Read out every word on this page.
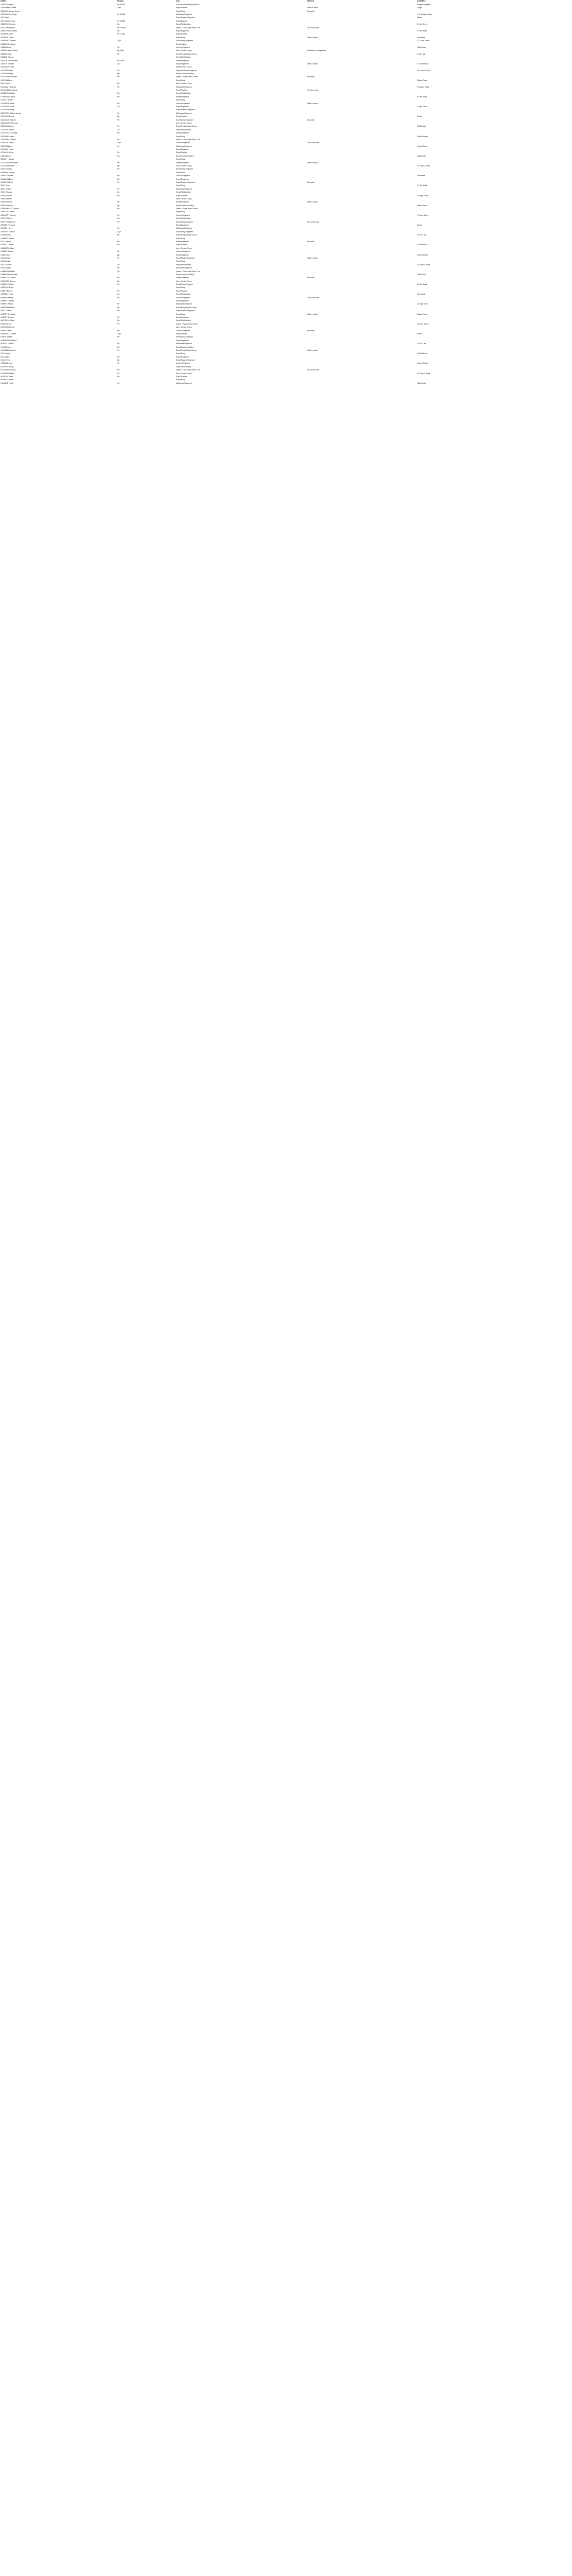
NAME	RankNo	Unit	DETAILS	ADDRESS
GASH George H	Pte 55038	Canadian Expeditionary Force		Kingston Hayfield
GASH Percy James	CSM	Royal Fusiliers	Killed in action	Lodge
GASSON George Henry		Royal Navy	Wounded	
GASSON Wm Edgar	Pte 29066	Middlesex Regiment		1 St Andrews Road
GAY Albert		Royal Sussex Regiment		Weald
GAY William Henry	Pte 13085	Royal Marines		
GEARING Thomas	Gnr	Royal Field Artillery		8 High Street
GEE Ernest Arthur	Pte G/5614	Queen's Own Royal West Kent	Died of wounds	
GEER Henry Charles	Spr	Royal Engineers		4 Park Road
GEORGE Albert	Pte 17254	Royal Fusiliers		
GEORGE Frank		Royal Navy	Killed in action	Cleveland
GERRARD Edward	L/Cpl	East Surrey Regiment		12 Crane Street
GIBBINS Frederick		Royal Artillery		
GIBBS Alfred	Pte	London Regiment		Tallis Road
GIBBS Charles Henry	Sgt 4491	Army Service Corps	Mentioned in despatches	
GIBBS Ernest	Pte	Royal Army Medical Corps		2 Mill Lane
GIBSON George		Royal Field Artillery		
GIBSON John William	Pte 20812	Essex Regiment		
GIBSON Thomas	Cpl	Royal Engineers	Killed in action	17 North Road
GIDDINGS Frank		Machine Gun Corps		
GILBERT Arthur	Pte	Royal West Kent Regiment		25 Church Street
GILBERT Henry	Sgt	Royal Garrison Artillery		
GILES Albert Edward	Pte	Queen's Royal West Surrey	Wounded	
GILES William		Royal Navy		Station Road
GILL Ernest	Dvr	Army Service Corps		
GILLHAM Frederick	Pte	Middlesex Regiment		5 Victoria Road
GILLINGHAM George		Royal Fusiliers	Prisoner of war	
GLADDING Walter	Gnr	Royal Field Artillery		
GLADWELL Arthur	Pte	Essex Regiment		9 Park Road
GLASS Charles		Royal Navy		
GODDARD Albert	Pte	London Regiment	Killed in action	
GODDARD Frank	Cpl	Royal Engineers		3 High Street
GODFREY Henry		Royal Sussex Regiment		
GODFREY William James	Pte	Middlesex Regiment		
GOLDING Ernest	Sgt	Royal Fusiliers		Weald
GOLDSMITH Alfred	Pte	East Surrey Regiment	Wounded	
GOLDSMITH Thomas		Army Service Corps		
GOOD Frederick	Pte	Royal Army Medical Corps		11 Mill Lane
GOODALL Arthur	Dvr	Royal Field Artillery		
GOODCHILD George	Pte	Essex Regiment		
GOODWIN Albert		Royal Navy		Church Street
GOODWIN Charles	Pte	Queen's Own Royal West Kent		
GORDON Henry	L/Cpl	London Regiment	Died of wounds	
GORE William	Pte	Middlesex Regiment		6 North Road
GORHAM Frank		Royal Engineers		
GOSLING Arthur	Pte	Royal Fusiliers		
GOSS Ernest	Gnr	Royal Garrison Artillery		Tallis Road
GOUGH Thomas		Royal Navy		
GOULD Albert Edward	Pte	Essex Regiment	Killed in action	
GOULD Frederick	Sgt	Army Service Corps		14 Victoria Road
GRACE Henry	Pte	East Surrey Regiment		
GRAHAM George		Royal Scots		
GRANT Charles	Pte	London Regiment		Cleveland
GRANT William	Cpl	Royal Engineers		
GRAVES Alfred	Pte	Royal Sussex Regiment	Wounded	
GRAY Arthur		Royal Navy		2 Park Road
GRAY Ernest	Pte	Middlesex Regiment		
GRAY Thomas	Dvr	Royal Field Artillery		
GREEN Albert	Pte	Royal Fusiliers		20 High Street
GREEN Frank		Army Service Corps		
GREEN Henry	Pte	Essex Regiment	Killed in action	
GREEN William	Sgt	Royal Garrison Artillery		Station Road
GREENWOOD Charles	Pte	Queen's Royal West Surrey		
GREGORY Alfred		Royal Navy		
GREGORY George	Pte	London Regiment		7 Crane Street
GRIFFIN Arthur	Gnr	Royal Field Artillery		
GRIFFITHS Ernest	Pte	Royal Welsh Fusiliers	Died of wounds	
GRIMES Frederick		Royal Engineers		Weald
GROOM Henry	Pte	Middlesex Regiment		
GROVES Thomas	L/Cpl	East Surrey Regiment		
GUNN Albert	Pte	Royal Army Medical Corps		16 Mill Lane
GUNNER William		Royal Navy		
GUY Charles	Pte	Essex Regiment	Wounded	
HACKETT Frank	Pte	Royal Fusiliers		4 North Road
HADDOCK Alfred		Army Service Corps		
HAINES George	Pte	London Regiment		
HALE Arthur	Sgt	Royal Engineers		Church Street
HALL Ernest	Pte	Royal Sussex Regiment	Killed in action	
HALL Henry		Royal Navy		
HALL Thomas	Dvr	Royal Field Artillery		10 Victoria Road
HALL William	Pte	Middlesex Regiment		
HAMMOND Albert	Pte	Queen's Own Royal West Kent		
HAMMOND Frederick		Royal Garrison Artillery		Tallis Road
HAMPTON Charles	Pte	Essex Regiment	Wounded	
HANCOCK George	Cpl	Army Service Corps		
HANDLEY Alfred	Pte	East Surrey Regiment		8 Park Road
HARDING Arthur		Royal Navy		
HARDY Ernest	Pte	Royal Fusiliers		
HARMAN Frank	Gnr	Royal Field Artillery		Cleveland
HARPER Henry	Pte	London Regiment	Died of wounds	
HARRIS Thomas		Royal Engineers		
HARRIS William	Pte	Middlesex Regiment		13 High Street
HARRISON Albert	Sgt	Royal Army Medical Corps		
HART Charles	Pte	Royal Sussex Regiment		
HARVEY Frederick		Royal Navy	Killed in action	Station Road
HARVEY George	Pte	Essex Regiment		
HASTINGS Alfred	Dvr	Royal Field Artillery		
HATCH Arthur	Pte	Queen's Royal West Surrey		5 Crane Street
HAWKINS Ernest		Army Service Corps		
HAYES Henry	Pte	London Regiment	Wounded	
HAYWARD Thomas	L/Cpl	Royal Fusiliers		Weald
HEATH William	Pte	East Surrey Regiment		
HENDERSON Albert		Royal Engineers		
HEWITT Charles	Pte	Middlesex Regiment		19 Mill Lane
HICKS Frank	Gnr	Royal Garrison Artillery		
HIGGINS Frederick	Pte	Royal Army Medical Corps	Killed in action	
HILL George		Royal Navy		6 North Road
HILL Alfred	Pte	Essex Regiment		
HILLS Arthur	Sgt	Royal Sussex Regiment		
HOBBS Ernest	Pte	London Regiment		Church Street
HODGES Henry		Royal Field Artillery		
HOLLAND Thomas	Pte	Queen's Own Royal West Kent	Died of wounds	
HOLMES William	Cpl	Army Service Corps		15 Victoria Road
HOPKINS Albert	Pte	Royal Fusiliers		
HORNE Charles		Royal Navy		
HOWARD Frank	Pte	Middlesex Regiment		Tallis Road
